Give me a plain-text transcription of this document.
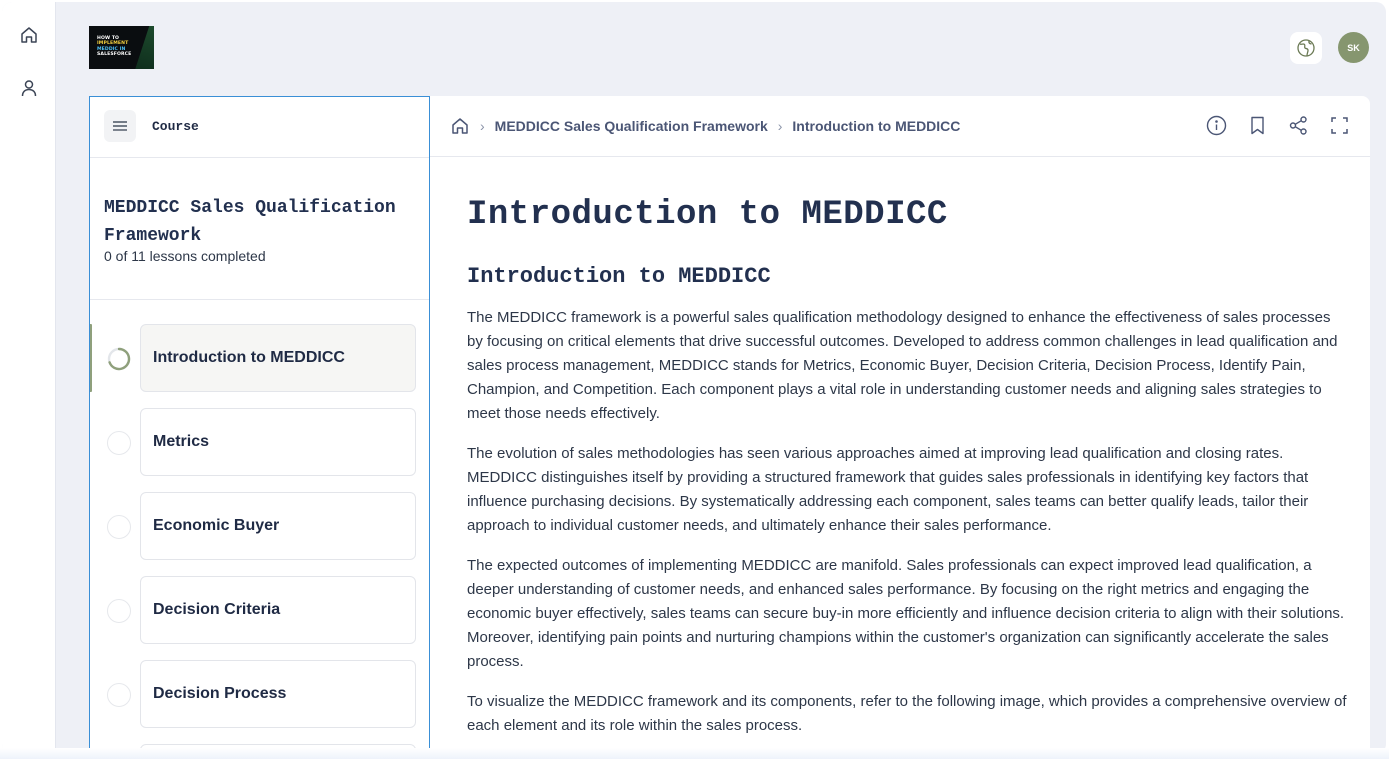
HOW TO
IMPLEMENT
MEDDIC IN
SALESFORCE
SK
Course
MEDDICC Sales Qualification Framework
0 of 11 lessons completed
Introduction to MEDDICC
Metrics
Economic Buyer
Decision Criteria
Decision Process
› MEDDICC Sales Qualification Framework › Introduction to MEDDICC
Introduction to MEDDICC
Introduction to MEDDICC

The MEDDICC framework is a powerful sales qualification methodology designed to enhance the effectiveness of sales processes by focusing on critical elements that drive successful outcomes. Developed to address common challenges in lead qualification and sales process management, MEDDICC stands for Metrics, Economic Buyer, Decision Criteria, Decision Process, Identify Pain, Champion, and Competition. Each component plays a vital role in understanding customer needs and aligning sales strategies to meet those needs effectively.

The evolution of sales methodologies has seen various approaches aimed at improving lead qualification and closing rates. MEDDICC distinguishes itself by providing a structured framework that guides sales professionals in identifying key factors that influence purchasing decisions. By systematically addressing each component, sales teams can better qualify leads, tailor their approach to individual customer needs, and ultimately enhance their sales performance.

The expected outcomes of implementing MEDDICC are manifold. Sales professionals can expect improved lead qualification, a deeper understanding of customer needs, and enhanced sales performance. By focusing on the right metrics and engaging the economic buyer effectively, sales teams can secure buy-in more efficiently and influence decision criteria to align with their solutions. Moreover, identifying pain points and nurturing champions within the customer's organization can significantly accelerate the sales process.

To visualize the MEDDICC framework and its components, refer to the following image, which provides a comprehensive overview of each element and its role within the sales process.
